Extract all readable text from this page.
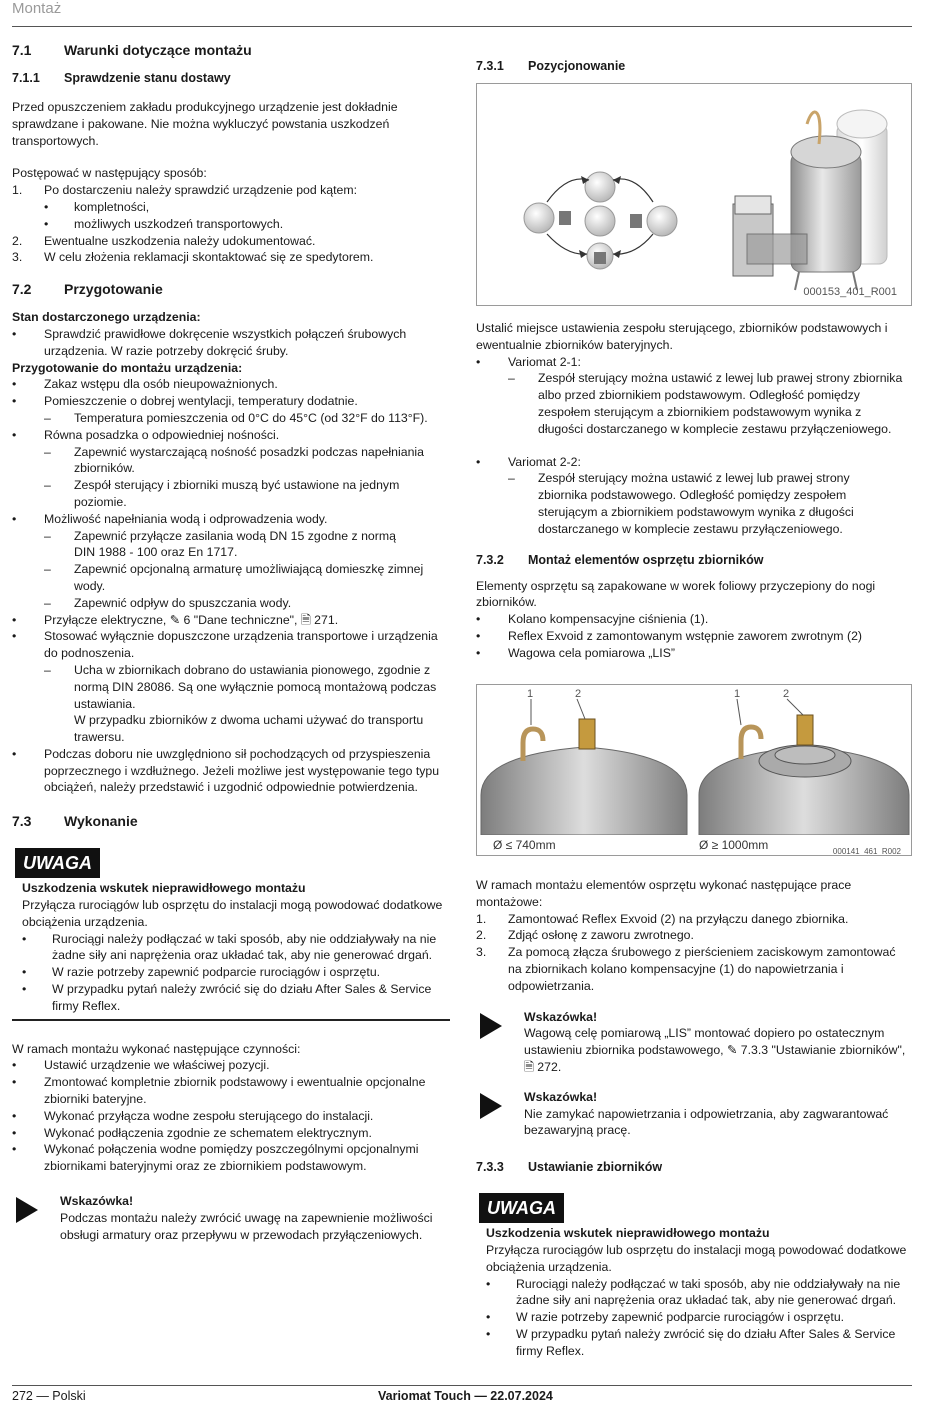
Montaż
7.1 Warunki dotyczące montażu
7.1.1 Sprawdzenie stanu dostawy

Przed opuszczeniem zakładu produkcyjnego urządzenie jest dokładnie sprawdzane i pakowane. Nie można wykluczyć powstania uszkodzeń transportowych.

Postępować w następujący sposób:

1. Po dostarczeniu należy sprawdzić urządzenie pod kątem:
• kompletności,
• możliwych uszkodzeń transportowych.
2. Ewentualne uszkodzenia należy udokumentować.
3. W celu złożenia reklamacji skontaktować się ze spedytorem.
7.2 Przygotowanie

Stan dostarczonego urządzenia:

• Sprawdzić prawidłowe dokręcenie wszystkich połączeń śrubowych urządzenia. W razie potrzeby dokręcić śruby.

Przygotowanie do montażu urządzenia:

• Zakaz wstępu dla osób nieupoważnionych.
• Pomieszczenie o dobrej wentylacji, temperatury dodatnie.
– Temperatura pomieszczenia od 0°C do 45°C (od 32°F do 113°F).
• Równa posadzka o odpowiedniej nośności.
– Zapewnić wystarczającą nośność posadzki podczas napełniania zbiorników.
– Zespół sterujący i zbiorniki muszą być ustawione na jednym poziomie.
• Możliwość napełniania wodą i odprowadzenia wody.
– Zapewnić przyłącze zasilania wodą DN 15 zgodne z normą
DIN 1988 - 100 oraz En 1717.
– Zapewnić opcjonalną armaturę umożliwiającą domieszkę zimnej wody.
– Zapewnić odpływ do spuszczania wody.
• Przyłącze elektryczne, ✎ 6 "Dane techniczne", 🗎 271.
• Stosować wyłącznie dopuszczone urządzenia transportowe i urządzenia do podnoszenia.
– Ucha w zbiornikach dobrano do ustawiania pionowego, zgodnie z normą DIN 28086. Są one wyłącznie pomocą montażową podczas ustawiania.
W przypadku zbiorników z dwoma uchami używać do transportu trawersu.
• Podczas doboru nie uwzględniono sił pochodzących od przyspieszenia poprzecznego i wzdłużnego. Jeżeli możliwe jest występowanie tego typu obciążeń, należy przedstawić i uzgodnić odpowiednie potwierdzenia.
7.3 Wykonanie
UWAGA

Uszkodzenia wskutek nieprawidłowego montażu

Przyłącza rurociągów lub osprzętu do instalacji mogą powodować dodatkowe obciążenia urządzenia.

• Rurociągi należy podłączać w taki sposób, aby nie oddziaływały na nie żadne siły ani naprężenia oraz układać tak, aby nie generować drgań.
• W razie potrzeby zapewnić podparcie rurociągów i osprzętu.
• W przypadku pytań należy zwrócić się do działu After Sales & Service firmy Reflex.

W ramach montażu wykonać następujące czynności:

• Ustawić urządzenie we właściwej pozycji.
• Zmontować kompletnie zbiornik podstawowy i ewentualnie opcjonalne zbiorniki bateryjne.
• Wykonać przyłącza wodne zespołu sterującego do instalacji.
• Wykonać podłączenia zgodnie ze schematem elektrycznym.
• Wykonać połączenia wodne pomiędzy poszczególnymi opcjonalnymi zbiornikami bateryjnymi oraz ze zbiornikiem podstawowym.

Wskazówka!

Podczas montażu należy zwrócić uwagę na zapewnienie możliwości obsługi armatury oraz przepływu w przewodach przyłączeniowych.

7.3.1 Pozycjonowanie
000153_401_R001

Ustalić miejsce ustawienia zespołu sterującego, zbiorników podstawowych i ewentualnie zbiorników bateryjnych.

• Variomat 2-1:
– Zespół sterujący można ustawić z lewej lub prawej strony zbiornika albo przed zbiornikiem podstawowym. Odległość pomiędzy zespołem sterującym a zbiornikiem podstawowym wynika z długości dostarczanego w komplecie zestawu przyłączeniowego.
• Variomat 2-2:
– Zespół sterujący można ustawić z lewej lub prawej strony zbiornika podstawowego. Odległość pomiędzy zespołem sterującym a zbiornikiem podstawowym wynika z długości dostarczanego w komplecie zestawu przyłączeniowego.
7.3.2 Montaż elementów osprzętu zbiorników

Elementy osprzętu są zapakowane w worek foliowy przyczepiony do nogi zbiorników.

• Kolano kompensacyjne ciśnienia (1).
• Reflex Exvoid z zamontowanym wstępnie zaworem zwrotnym (2)
• Wagowa cela pomiarowa „LIS”
1	2	1	2
Ø ≤ 740mm	Ø ≥ 1000mm	000141_461_R002

W ramach montażu elementów osprzętu wykonać następujące prace montażowe:

1. Zamontować Reflex Exvoid (2) na przyłączu danego zbiornika.
2. Zdjąć osłonę z zaworu zwrotnego.
3. Za pomocą złącza śrubowego z pierścieniem zaciskowym zamontować na zbiornikach kolano kompensacyjne (1) do napowietrzania i odpowietrzania.

Wskazówka!

Wagową celę pomiarową „LIS” montować dopiero po ostatecznym ustawieniu zbiornika podstawowego, ✎ 7.3.3 "Ustawianie zbiorników", 🗎 272.

Wskazówka!

Nie zamykać napowietrzania i odpowietrzania, aby zagwarantować bezawaryjną pracę.

7.3.3 Ustawianie zbiorników
UWAGA

Uszkodzenia wskutek nieprawidłowego montażu

Przyłącza rurociągów lub osprzętu do instalacji mogą powodować dodatkowe obciążenia urządzenia.

• Rurociągi należy podłączać w taki sposób, aby nie oddziaływały na nie żadne siły ani naprężenia oraz układać tak, aby nie generować drgań.
• W razie potrzeby zapewnić podparcie rurociągów i osprzętu.
• W przypadku pytań należy zwrócić się do działu After Sales & Service firmy Reflex.
272 — Polski	Variomat Touch — 22.07.2024
